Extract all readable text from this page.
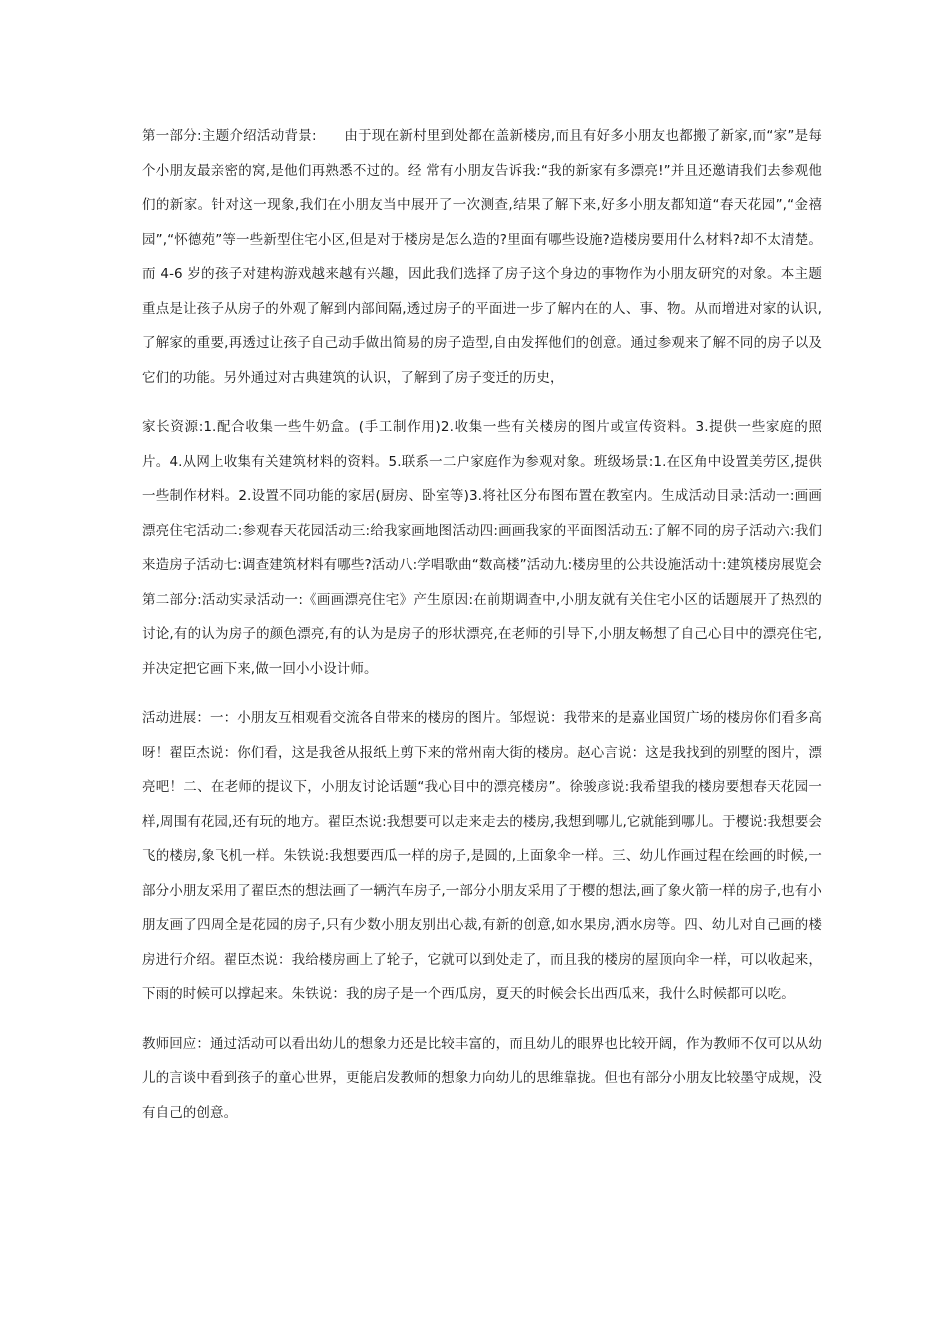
第一部分:主题介绍活动背景:　　由于现在新村里到处都在盖新楼房,而且有好多小朋友也都搬了新家,而“家”是每个小朋友最亲密的窝,是他们再熟悉不过的。经 常有小朋友告诉我:“我的新家有多漂亮!”并且还邀请我们去参观他们的新家。针对这一现象,我们在小朋友当中展开了一次测查,结果了解下来,好多小朋友都知道“春天花园”,“金禧园”,“怀德苑”等一些新型住宅小区,但是对于楼房是怎么造的?里面有哪些设施?造楼房要用什么材料?却不太清楚。而 4-6 岁的孩子对建构游戏越来越有兴趣，因此我们选择了房子这个身边的事物作为小朋友研究的对象。本主题重点是让孩子从房子的外观了解到内部间隔,透过房子的平面进一步了解内在的人、事、物。从而增进对家的认识,了解家的重要,再透过让孩子自己动手做出简易的房子造型,自由发挥他们的创意。通过参观来了解不同的房子以及它们的功能。另外通过对古典建筑的认识，了解到了房子变迁的历史，

家长资源:1.配合收集一些牛奶盒。(手工制作用)2.收集一些有关楼房的图片或宣传资料。3.提供一些家庭的照片。4.从网上收集有关建筑材料的资料。5.联系一二户家庭作为参观对象。班级场景:1.在区角中设置美劳区,提供一些制作材料。2.设置不同功能的家居(厨房、卧室等)3.将社区分布图布置在教室内。生成活动目录:活动一:画画漂亮住宅活动二:参观春天花园活动三:给我家画地图活动四:画画我家的平面图活动五:了解不同的房子活动六:我们来造房子活动七:调查建筑材料有哪些?活动八:学唱歌曲“数高楼”活动九:楼房里的公共设施活动十:建筑楼房展览会第二部分:活动实录活动一:《画画漂亮住宅》产生原因:在前期调查中,小朋友就有关住宅小区的话题展开了热烈的讨论,有的认为房子的颜色漂亮,有的认为是房子的形状漂亮,在老师的引导下,小朋友畅想了自己心目中的漂亮住宅,并决定把它画下来,做一回小小设计师。

活动进展：一：小朋友互相观看交流各自带来的楼房的图片。邹煜说：我带来的是嘉业国贸广场的楼房你们看多高呀！翟臣杰说：你们看，这是我爸从报纸上剪下来的常州南大街的楼房。赵心言说：这是我找到的别墅的图片，漂亮吧！二、在老师的提议下，小朋友讨论话题“我心目中的漂亮楼房”。徐骏彦说:我希望我的楼房要想春天花园一样,周围有花园,还有玩的地方。翟臣杰说:我想要可以走来走去的楼房,我想到哪儿,它就能到哪儿。于樱说:我想要会飞的楼房,象飞机一样。朱铁说:我想要西瓜一样的房子,是圆的,上面象伞一样。三、幼儿作画过程在绘画的时候,一部分小朋友采用了翟臣杰的想法画了一辆汽车房子,一部分小朋友采用了于樱的想法,画了象火箭一样的房子,也有小朋友画了四周全是花园的房子,只有少数小朋友别出心裁,有新的创意,如水果房,洒水房等。四、幼儿对自己画的楼房进行介绍。翟臣杰说：我给楼房画上了轮子，它就可以到处走了，而且我的楼房的屋顶向伞一样，可以收起来，下雨的时候可以撑起来。朱铁说：我的房子是一个西瓜房，夏天的时候会长出西瓜来，我什么时候都可以吃。

教师回应：通过活动可以看出幼儿的想象力还是比较丰富的，而且幼儿的眼界也比较开阔，作为教师不仅可以从幼儿的言谈中看到孩子的童心世界，更能启发教师的想象力向幼儿的思维靠拢。但也有部分小朋友比较墨守成规，没有自己的创意。
